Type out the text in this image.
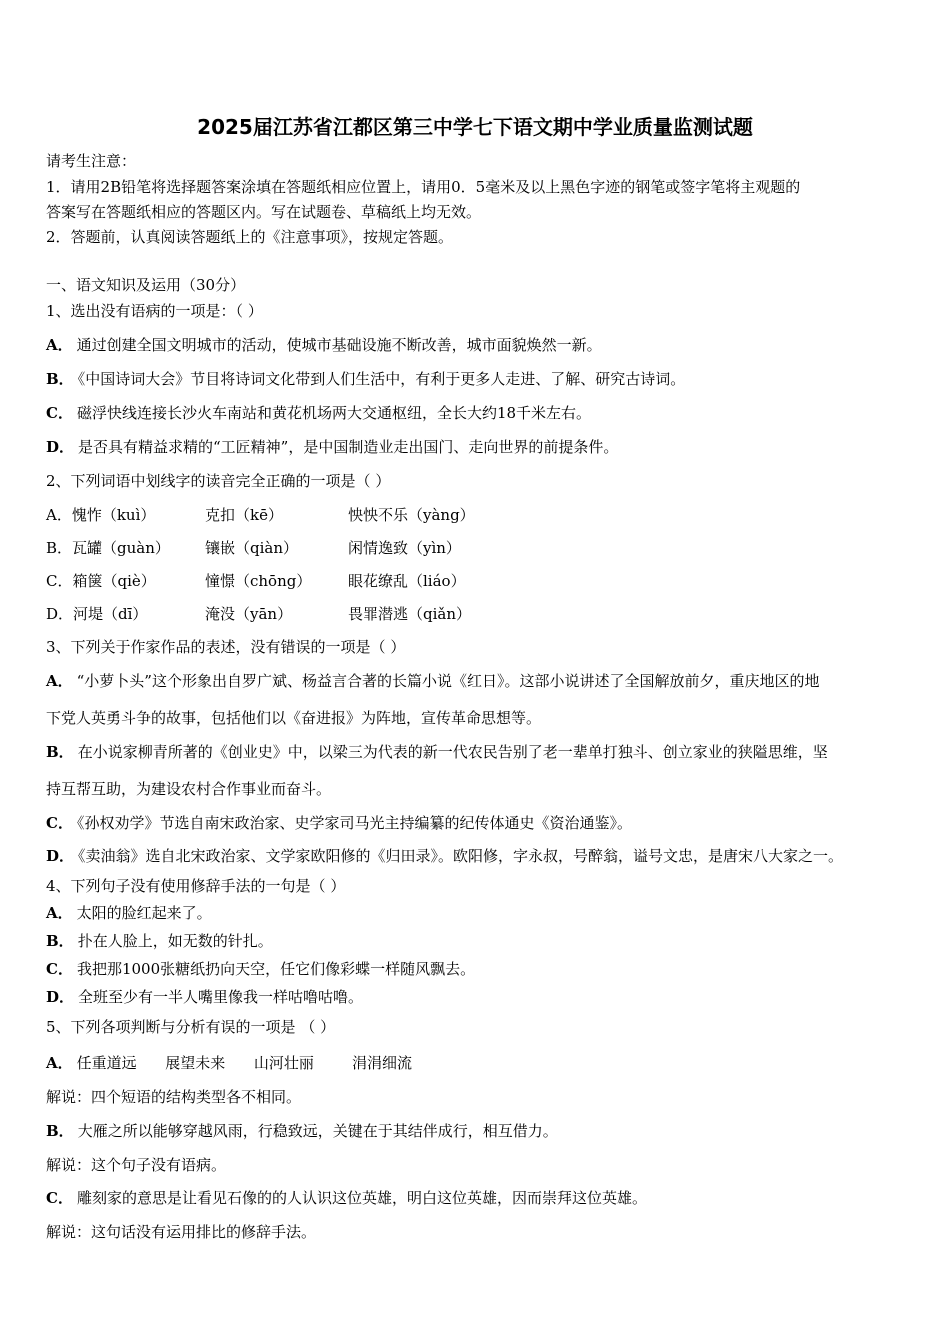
2025届江苏省江都区第三中学七下语文期中学业质量监测试题
请考生注意：
1．请用2B铅笔将选择题答案涂填在答题纸相应位置上，请用0．5毫米及以上黑色字迹的钢笔或签字笔将主观题的
答案写在答题纸相应的答题区内。写在试题卷、草稿纸上均无效。
2．答题前，认真阅读答题纸上的《注意事项》，按规定答题。
一、语文知识及运用（30分）
1、选出没有语病的一项是：（ ）
A． 通过创建全国文明城市的活动，使城市基础设施不断改善，城市面貌焕然一新。
B． 《中国诗词大会》节目将诗词文化带到人们生活中，有利于更多人走进、了解、研究古诗词。
C． 磁浮快线连接长沙火车南站和黄花机场两大交通枢纽，全长大约18千米左右。
D． 是否具有精益求精的“工匠精神”，是中国制造业走出国门、走向世界的前提条件。
2、下列词语中划线字的读音完全正确的一项是（ ）
A．愧怍（kuì）	克扣（kē）	怏怏不乐（yàng）
B．瓦罐（guàn） 镶嵌（qiàn）	闲情逸致（yìn）
C．箱箧（qiè）	憧憬（chōng） 眼花缭乱（liáo）
D．河堤（dī）	淹没（yān）	畏罪潜逃（qiǎn）
3、下列关于作家作品的表述，没有错误的一项是（ ）
A． “小萝卜头”这个形象出自罗广斌、杨益言合著的长篇小说《红日》。这部小说讲述了全国解放前夕，重庆地区的地
下党人英勇斗争的故事，包括他们以《奋进报》为阵地，宣传革命思想等。
B． 在小说家柳青所著的《创业史》中，以梁三为代表的新一代农民告别了老一辈单打独斗、创立家业的狭隘思维，坚
持互帮互助，为建设农村合作事业而奋斗。
C． 《孙权劝学》节选自南宋政治家、史学家司马光主持编纂的纪传体通史《资治通鉴》。
D． 《卖油翁》选自北宋政治家、文学家欧阳修的《归田录》。欧阳修，字永叔，号醉翁，谥号文忠，是唐宋八大家之一。
4、下列句子没有使用修辞手法的一句是（ ）
A． 太阳的脸红起来了。
B． 扑在人脸上，如无数的针扎。
C． 我把那1000张糖纸扔向天空，任它们像彩蝶一样随风飘去。
D． 全班至少有一半人嘴里像我一样咕噜咕噜。
5、下列各项判断与分析有误的一项是 （ ）
A． 任重道远      展望未来      山河壮丽        涓涓细流
解说：四个短语的结构类型各不相同。
B． 大雁之所以能够穿越风雨，行稳致远，关键在于其结伴成行，相互借力。
解说：这个句子没有语病。
C． 雕刻家的意思是让看见石像的的人认识这位英雄，明白这位英雄，因而崇拜这位英雄。
解说：这句话没有运用排比的修辞手法。
